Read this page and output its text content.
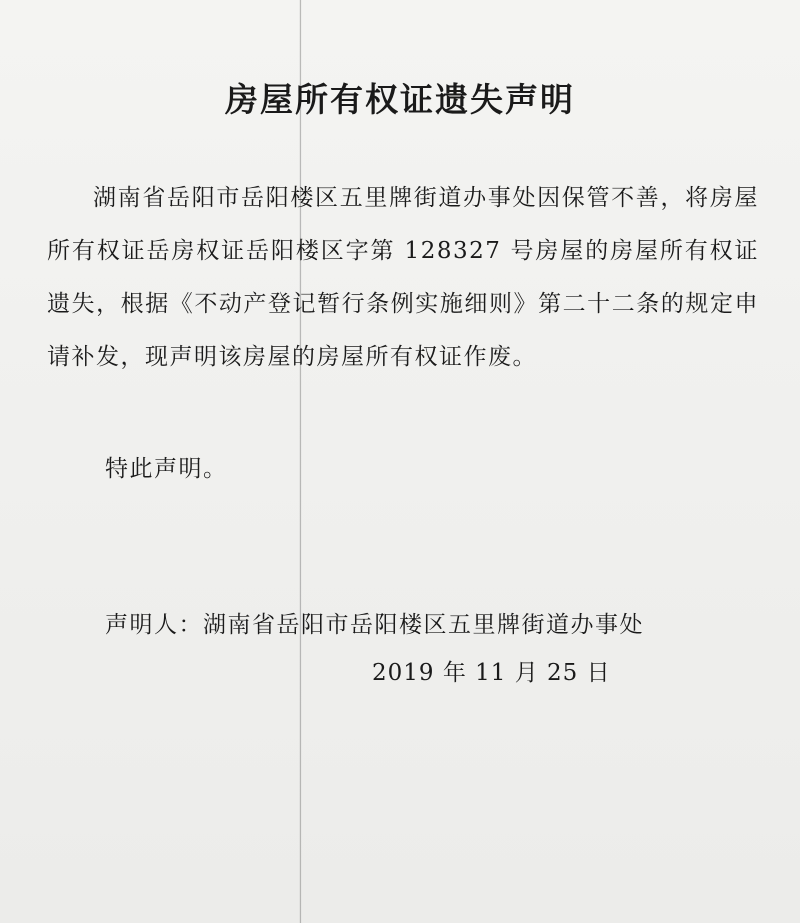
房屋所有权证遗失声明

湖南省岳阳市岳阳楼区五里牌街道办事处因保管不善，将房屋所有权证岳房权证岳阳楼区字第 128327 号房屋的房屋所有权证遗失，根据《不动产登记暂行条例实施细则》第二十二条的规定申请补发，现声明该房屋的房屋所有权证作废。

特此声明。

声明人：湖南省岳阳市岳阳楼区五里牌街道办事处

2019 年 11 月 25 日
